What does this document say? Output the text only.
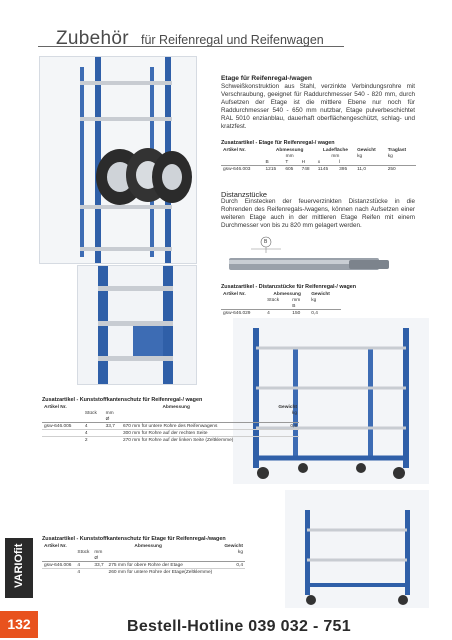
VARIOfit
132
Zubehör für Reifenregal und Reifenwagen
Etage für Reifenregal-/wagen
Schweißkonstruktion aus Stahl, verzinkte Verbindungsrohre mit Verschraubung, geeignet für Raddurchmesser 540 - 820 mm, durch Aufsetzen der Etage ist die mittlere Ebene nur noch für Raddurchmesser 540 - 650 mm nutzbar, Etage pulverbeschichtet RAL 5010 enzianblau, dauerhaft oberflächengeschützt, schlag- und kratzfest.
Zusatzartikel - Etage für Reifenregal-/ wagen
Artikel Nr.	Abmessung			Ladefläche		Gewicht	Traglast
	mm			mm		kg	kg
	B	T	H	x	l		
gsw-646.003	1215	605	748	1145	395	11,0	250
Distanzstücke
Durch Einstecken der feuerverzinkten Distanzstücke in die Rohrenden des Reifenregals-/wagens, können nach Aufsetzen einer weiteren Etage auch in der mittleren Etage Reifen mit einem Durchmesser von bis zu 820 mm gelagert werden.
B
Zusatzartikel - Distanzstücke für Reifenregal-/ wagen
Artikel Nr.	Abmessung		Gewicht
	Stück	mm	kg
		B	
gsw-646.029	4	150	0,4
Zusatzartikel - Kunststoffkantenschutz für Reifenregal-/ wagen
Artikel Nr.	Abmessung			Gewicht
	Stück	mm		kg
		Ø		
gsw-646.005	4	33,7	670 mm für untere Rohre des Reifenwagens	0,8
	4		300 mm für Rohre auf der rechten Seite	
	2		270 mm für Rohre auf der linken Seite (Zeltklemme)	
Zusatzartikel - Kunststoffkantenschutz für Etage für Reifenregal-/wagen
Artikel Nr.	Abmessung			Gewicht
	Stück	mm		kg
		Ø		
gsw-646.006	4	33,7	275 mm für obere Rohre der Etage	0,4
	4		260 mm für untere Rohre der Etage(Zeltklemme)	
Bestell-Hotline 039 032 - 751
